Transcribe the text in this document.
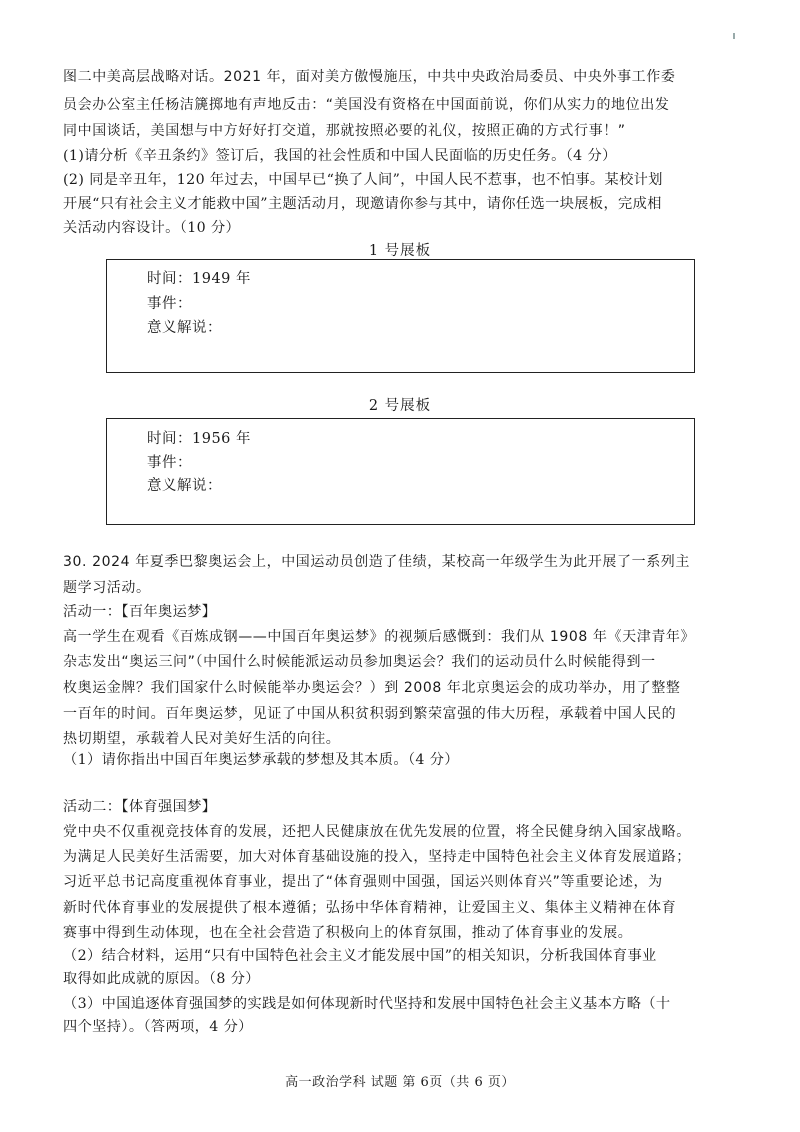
图二中美高层战略对话。2021 年，面对美方傲慢施压，中共中央政治局委员、中央外事工作委
员会办公室主任杨洁篪掷地有声地反击：“美国没有资格在中国面前说，你们从实力的地位出发
同中国谈话，美国想与中方好好打交道，那就按照必要的礼仪，按照正确的方式行事！”
(1)请分析《辛丑条约》签订后，我国的社会性质和中国人民面临的历史任务。（4 分）
(2) 同是辛丑年，120 年过去，中国早已“换了人间”，中国人民不惹事，也不怕事。某校计划
开展“只有社会主义才能救中国”主题活动月，现邀请你参与其中，请你任选一块展板，完成相
关活动内容设计。（10 分）
1 号展板
时间：1949 年
事件：
意义解说：
2 号展板
时间：1956 年
事件：
意义解说：
30. 2024 年夏季巴黎奥运会上，中国运动员创造了佳绩，某校高一年级学生为此开展了一系列主
题学习活动。
活动一：【百年奥运梦】
高一学生在观看《百炼成钢——中国百年奥运梦》的视频后感慨到：我们从 1908 年《天津青年》
杂志发出“奥运三问”（中国什么时候能派运动员参加奥运会？我们的运动员什么时候能得到一
枚奥运金牌？我们国家什么时候能举办奥运会？）到 2008 年北京奥运会的成功举办，用了整整
一百年的时间。百年奥运梦，见证了中国从积贫积弱到繁荣富强的伟大历程，承载着中国人民的
热切期望，承载着人民对美好生活的向往。
（1）请你指出中国百年奥运梦承载的梦想及其本质。（4 分）
活动二：【体育强国梦】
党中央不仅重视竞技体育的发展，还把人民健康放在优先发展的位置，将全民健身纳入国家战略。
为满足人民美好生活需要，加大对体育基础设施的投入，坚持走中国特色社会主义体育发展道路；
习近平总书记高度重视体育事业，提出了“体育强则中国强，国运兴则体育兴”等重要论述，为
新时代体育事业的发展提供了根本遵循；弘扬中华体育精神，让爱国主义、集体主义精神在体育
赛事中得到生动体现，也在全社会营造了积极向上的体育氛围，推动了体育事业的发展。
（2）结合材料，运用“只有中国特色社会主义才能发展中国”的相关知识，分析我国体育事业
取得如此成就的原因。（8 分）
（3）中国追逐体育强国梦的实践是如何体现新时代坚持和发展中国特色社会主义基本方略（十
四个坚持）。（答两项，4 分）
高一政治学科 试题 第 6页（共 6 页）
